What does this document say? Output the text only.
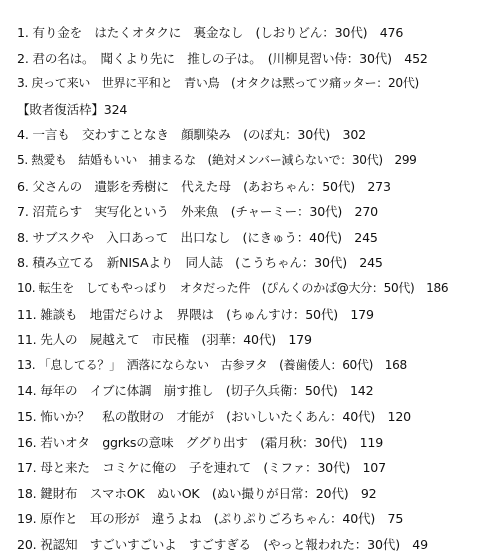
1. 有り金を　はたくオタクに　裏金なし　(しおりどん：30代)　476
2. 君の名は。　聞くより先に　推しの子は。　(川柳見習い侍：30代)　452
3. 戻って来い　世界に平和と　青い鳥　(オタクは黙ってツ痛ッター：20代)
【敗者復活枠】324
4. 一言も　交わすことなき　顔馴染み　(のぽ丸：30代)　302
5. 熱愛も　結婚もいい　捕まるな　(絶対メンバー減らないで：30代)　299
6. 父さんの　遺影を秀樹に　代えた母　(あおちゃん：50代)　273
7. 沼荒らす　実写化という　外来魚　(チャーミー：30代)　270
8. サブスクや　入口あって　出口なし　(にきゅう：40代)　245
8. 積み立てる　新NISAより　同人誌　(こうちゃん：30代)　245
10. 転生を　してもやっぱり　オタだった件　(ぴんくのかば@大分：50代)　186
11. 雑談も　地雷だらけよ　界隈は　(ちゅんすけ：50代)　179
11. 先人の　屍越えて　市民権　(羽華：40代)　179
13. 「息してる？」　洒落にならない　古参ヲタ　(養歯倭人：60代)　168
14. 毎年の　イブに体調　崩す推し　(切子久兵衛：50代)　142
15. 怖いか？　私の散財の　才能が　(おいしいたくあん：40代)　120
16. 若いオタ　ggrksの意味　ググり出す　(霜月秋：30代)　119
17. 母と来た　コミケに俺の　子を連れて　(ミファ：30代)　107
18. 鍵財布　スマホOK　ぬいOK　(ぬい撮りが日常：20代)　92
19. 原作と　耳の形が　違うよね　(ぷりぷりごろちゃん：40代)　75
20. 祝認知　すごいすごいよ　すごすぎる　(やっと報われた：30代)　49
